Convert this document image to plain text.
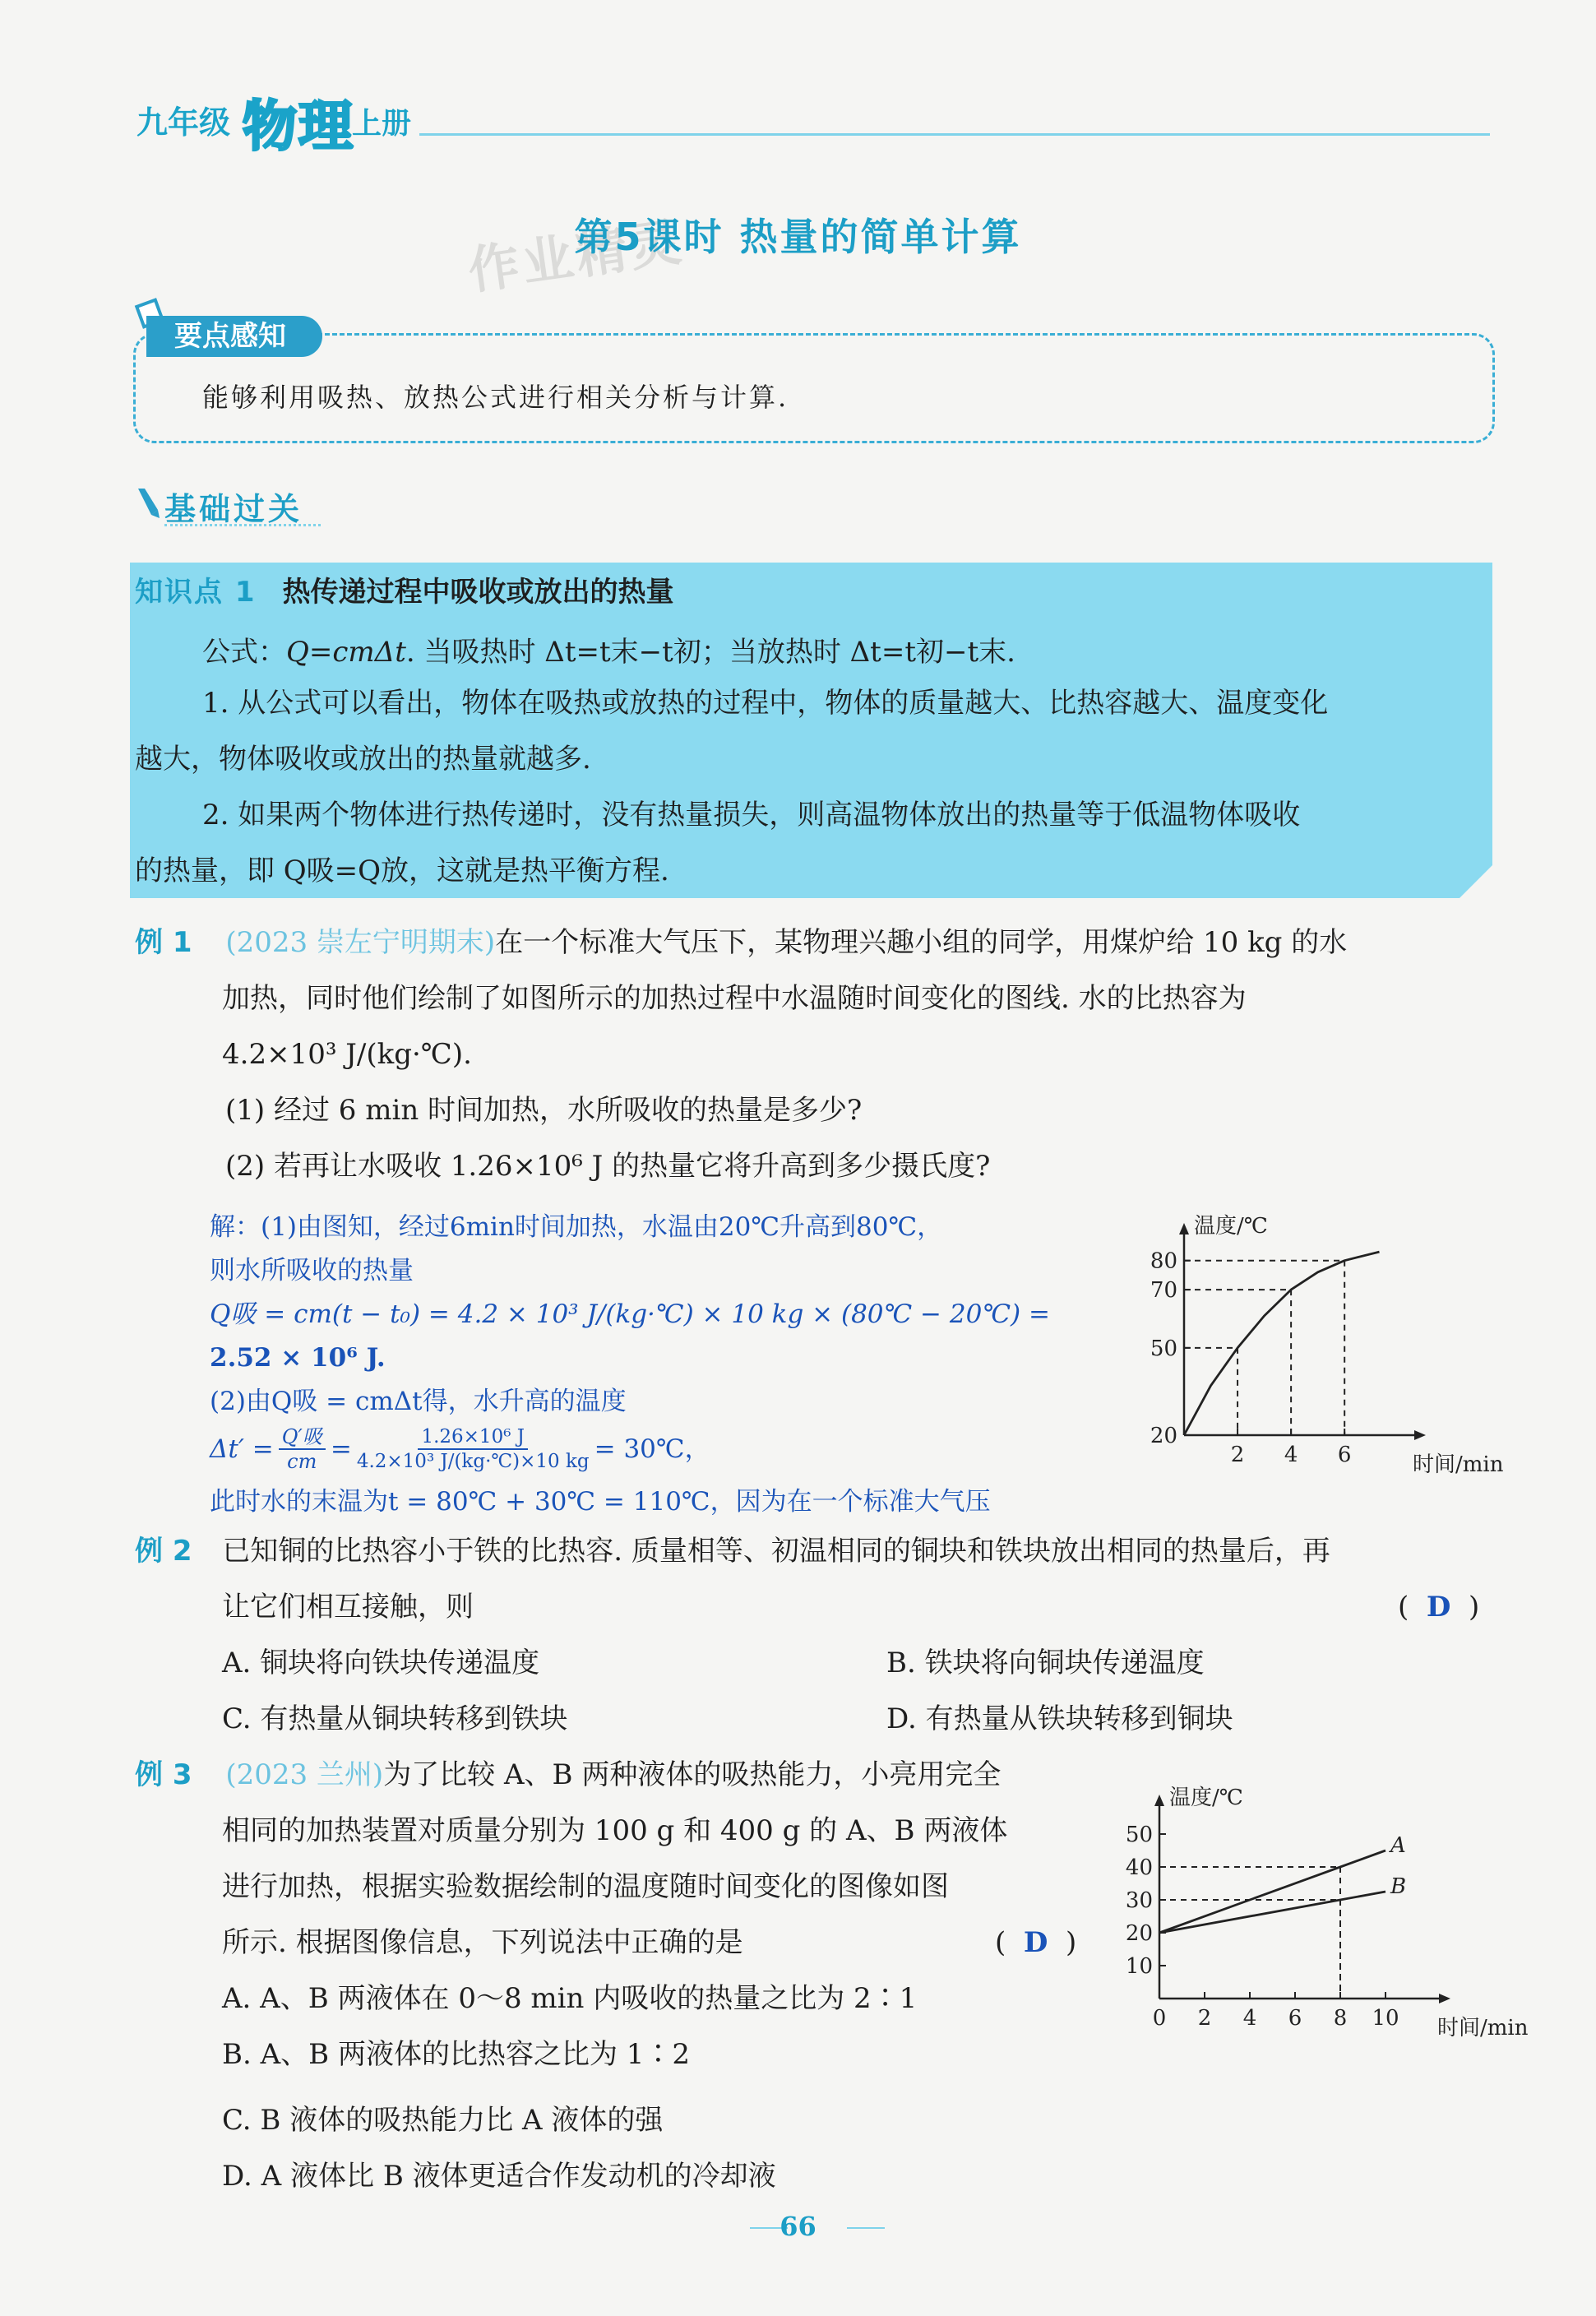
九年级 物理
上册
作业精灵
第5课时 热量的简单计算
要点感知
能够利用吸热、放热公式进行相关分析与计算.
基础过关
知识点 1 热传递过程中吸收或放出的热量
公式：Q=cmΔt. 当吸热时 Δt=t末−t初；当放热时 Δt=t初−t末.
1. 从公式可以看出，物体在吸热或放热的过程中，物体的质量越大、比热容越大、温度变化
越大，物体吸收或放出的热量就越多.
2. 如果两个物体进行热传递时，没有热量损失，则高温物体放出的热量等于低温物体吸收
的热量，即 Q吸=Q放，这就是热平衡方程.
例 1 (2023 崇左宁明期末)在一个标准大气压下，某物理兴趣小组的同学，用煤炉给 10 kg 的水
加热，同时他们绘制了如图所示的加热过程中水温随时间变化的图线. 水的比热容为
4.2×10³ J/(kg·℃).
(1) 经过 6 min 时间加热，水所吸收的热量是多少?
(2) 若再让水吸收 1.26×10⁶ J 的热量它将升高到多少摄氏度?
解：(1)由图知，经过6min时间加热，水温由20℃升高到80℃，
则水所吸收的热量
Q吸 = cm(t − t₀) = 4.2 × 10³ J/(kg·℃) × 10 kg × (80℃ − 20℃) =
2.52 × 10⁶ J.
(2)由Q吸 = cmΔt得，水升高的温度
Δt′ = Q′吸
cm = $\frac{\text{1.26×10⁶ J}}{\text{4.2×10³ J/(kg·℃)×10 kg}}$ = 30℃，
此时水的末温为t = 80℃ + 30℃ = 110℃，因为在一个标准大气压
温度/℃
时间/min
2 4 6
20
50
70
80
例 2 已知铜的比热容小于铁的比热容. 质量相等、初温相同的铜块和铁块放出相同的热量后，再
让它们相互接触，则	(  D  )
A. 铜块将向铁块传递温度	B. 铁块将向铜块传递温度
C. 有热量从铜块转移到铁块	D. 有热量从铁块转移到铜块
例 3 (2023 兰州)为了比较 A、B 两种液体的吸热能力，小亮用完全
相同的加热装置对质量分别为 100 g 和 400 g 的 A、B 两液体
进行加热，根据实验数据绘制的温度随时间变化的图像如图
所示. 根据图像信息，下列说法中正确的是	(  D  )
A. A、B 两液体在 0～8 min 内吸收的热量之比为 2∶1
B. A、B 两液体的比热容之比为 1∶2
C. B 液体的吸热能力比 A 液体的强
D. A 液体比 B 液体更适合作发动机的冷却液
温度/℃
时间/min
0 2 4 6 8 10
10
20
30
40
50	A
B
66
